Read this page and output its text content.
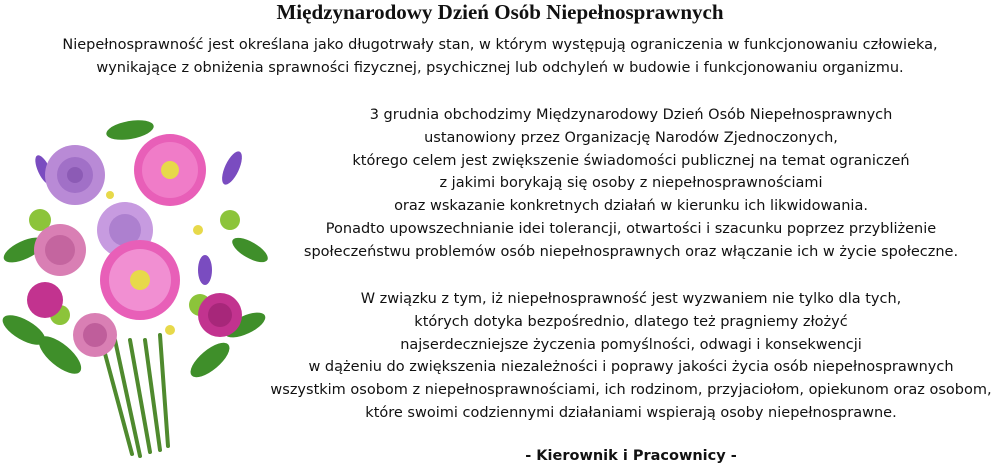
Międzynarodowy Dzień Osób Niepełnosprawnych
Niepełnosprawność jest określana jako długotrwały stan, w którym występują ograniczenia w funkcjonowaniu człowieka,
wynikające z obniżenia sprawności fizycznej, psychicznej lub odchyleń w budowie i funkcjonowaniu organizmu.
3 grudnia obchodzimy Międzynarodowy Dzień Osób Niepełnosprawnych
ustanowiony przez Organizację Narodów Zjednoczonych,
którego celem jest zwiększenie świadomości publicznej na temat ograniczeń
z jakimi borykają się osoby z niepełnosprawnościami
oraz wskazanie konkretnych działań w kierunku ich likwidowania.
Ponadto upowszechnianie idei tolerancji, otwartości i szacunku poprzez przybliżenie
społeczeństwu problemów osób niepełnosprawnych oraz włączanie ich w życie społeczne.
W związku z tym, iż niepełnosprawność jest wyzwaniem nie tylko dla tych,
których dotyka bezpośrednio, dlatego też pragniemy złożyć
najserdeczniejsze życzenia pomyślności, odwagi i konsekwencji
w dążeniu do zwiększenia niezależności i poprawy jakości życia osób niepełnosprawnych
wszystkim osobom z niepełnosprawnościami, ich rodzinom, przyjaciołom, opiekunom oraz osobom,
które swoimi codziennymi działaniami wspierają osoby niepełnosprawne.
- Kierownik i Pracownicy -
